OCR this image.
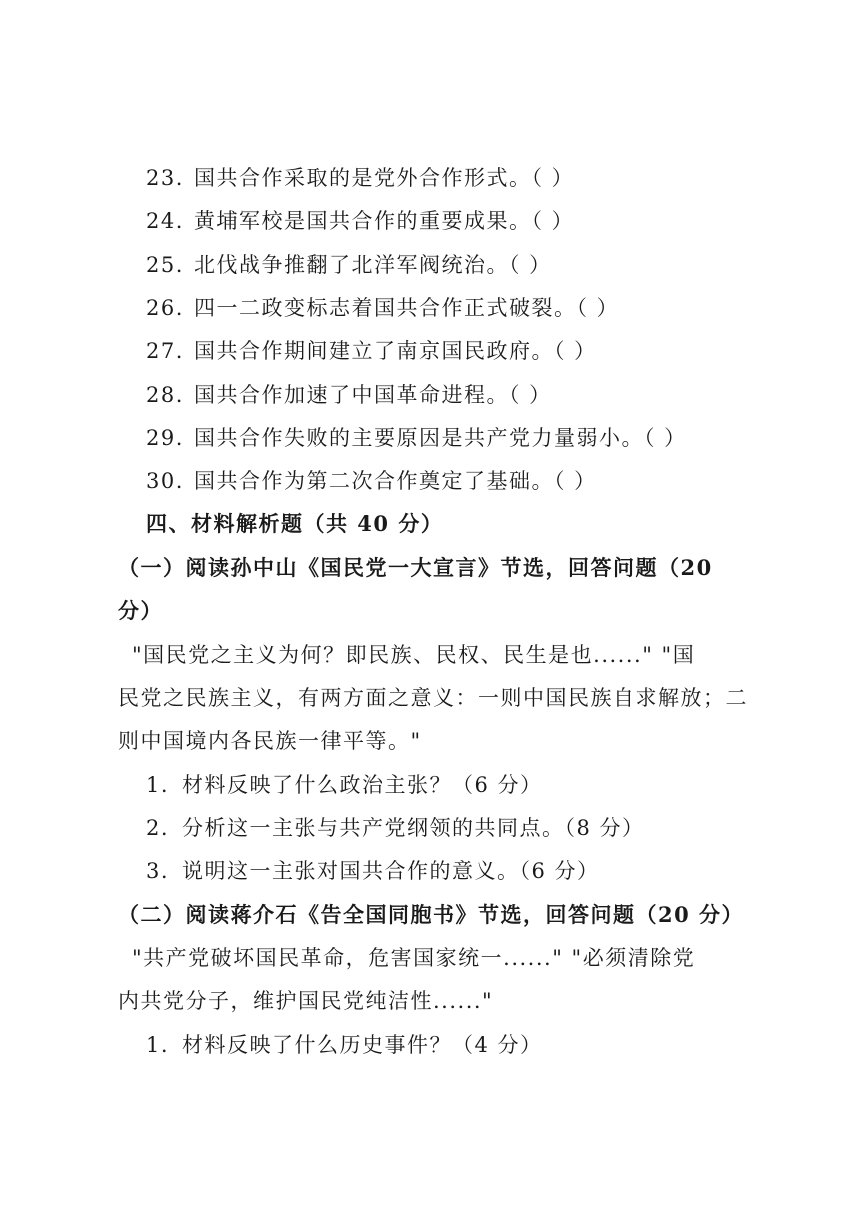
23. 国共合作采取的是党外合作形式。（ ）
24. 黄埔军校是国共合作的重要成果。（ ）
25. 北伐战争推翻了北洋军阀统治。（ ）
26. 四一二政变标志着国共合作正式破裂。（ ）
27. 国共合作期间建立了南京国民政府。（ ）
28. 国共合作加速了中国革命进程。（ ）
29. 国共合作失败的主要原因是共产党力量弱小。（ ）
30. 国共合作为第二次合作奠定了基础。（ ）
四、材料解析题（共 40 分）
（一）阅读孙中山《国民党一大宣言》节选，回答问题（20
分）
"国民党之主义为何？即民族、民权、民生是也......" "国
民党之民族主义，有两方面之意义：一则中国民族自求解放；二
则中国境内各民族一律平等。"
1. 材料反映了什么政治主张？（6 分）
2. 分析这一主张与共产党纲领的共同点。（8 分）
3. 说明这一主张对国共合作的意义。（6 分）
（二）阅读蒋介石《告全国同胞书》节选，回答问题（20 分）
"共产党破坏国民革命，危害国家统一......" "必须清除党
内共党分子，维护国民党纯洁性......"
1. 材料反映了什么历史事件？（4 分）
